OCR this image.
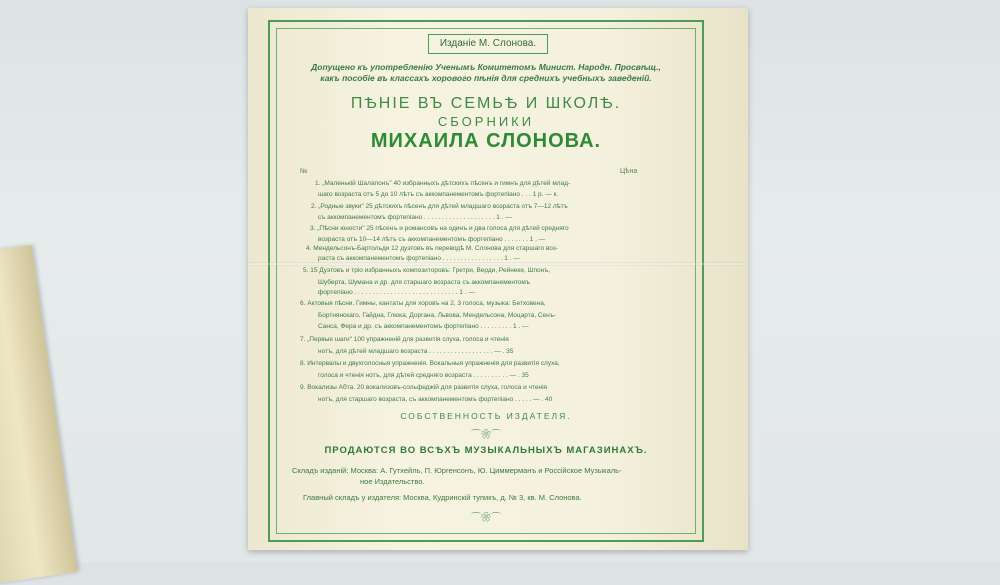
Изданіе М. Слонова.
Допущено къ употребленію Ученымъ Комитетомъ Минист. Народн. Просвѣщ.,
какъ пособіе въ классахъ хорового пѣнія для среднихъ учебныхъ заведеній.
ПѢНІЕ ВЪ СЕМЬѢ И ШКОЛѢ.
СБОРНИКИ
МИХАИЛА СЛОНОВА.
№	Цѣна
1. „Маленькій Шалапонъ" 40 избранныхъ дѣтскихъ пѣсенъ и гимнъ для дѣтей млад-
шаго возраста отъ 5 до 10 лѣтъ съ аккомпанементомъ фортепіано . . . 1 р. — к.
2. „Родные звуки" 25 дѣтскихъ пѣсенъ для дѣтей младшаго возраста отъ 7—12 лѣтъ
съ аккомпанементомъ фортепіано . . . . . . . . . . . . . . . . . . . . 1 . —
3. „Пѣсни юности" 25 пѣсенъ и романсовъ на одинъ и два голоса для дѣтей средняго
возраста отъ 10—14 лѣтъ съ аккомпанементомъ фортепіано . . . . . . . 1 . —
4. Мендельсонъ-Бартольди 12 дуэтовъ въ переводѣ М. Слонова для старшаго воз-
раста съ аккомпанементомъ фортепіано . . . . . . . . . . . . . . . . . 1 . —
5. 15 Дуэтовъ и тріо избранныхъ композиторовъ: Гретри, Верди, Рейнеке, Шпонъ,
Шуберта, Шумана и др. для старшаго возраста съ аккомпанементомъ
фортепіано . . . . . . . . . . . . . . . . . . . . . . . . . . . . . 1 . —
6. Актовыя пѣсни, Гимны, кантаты для хоровъ на 2, 3 голоса, музыка: Бетховена,
Бортнянскаго, Гайдна, Глюка, Доргана, Львова, Мендельсона, Моцарта, Сенъ-
Санса, Фера и др. съ аккомпанементомъ фортепіано . . . . . . . . . 1 . —
7. „Первые шаги" 100 упражненій для развитія слуха, голоса и чтенія
нотъ, для дѣтей младшаго возраста . . . . . . . . . . . . . . . . . . — . 35
8. Интервалы и двухголосныя упражненія. Вокальныя упражненія для развитія слуха,
голоса и чтенія нотъ, для дѣтей средняго возраста . . . . . . . . . . — . 35
9. Вокализы Абта. 20 вокализовъ-сольфеджій для развитія слуха, голоса и чтенія
нотъ, для старшаго возраста, съ аккомпанементомъ фортепіано . . . . . — . 40
СОБСТВЕННОСТЬ ИЗДАТЕЛЯ.
⌒❀⌒
ПРОДАЮТСЯ ВО ВСѢХЪ МУЗЫКАЛЬНЫХЪ МАГАЗИНАХЪ.
Складъ изданій: Москва: А. Гутхейль, П. Юргенсонъ, Ю. Циммерманъ и Россійское Музыкаль-
ное Издательство.
Главный складъ у издателя: Москва, Кудринскій тупикъ, д. № 3, кв. М. Слонова.
⌒❀⌒
